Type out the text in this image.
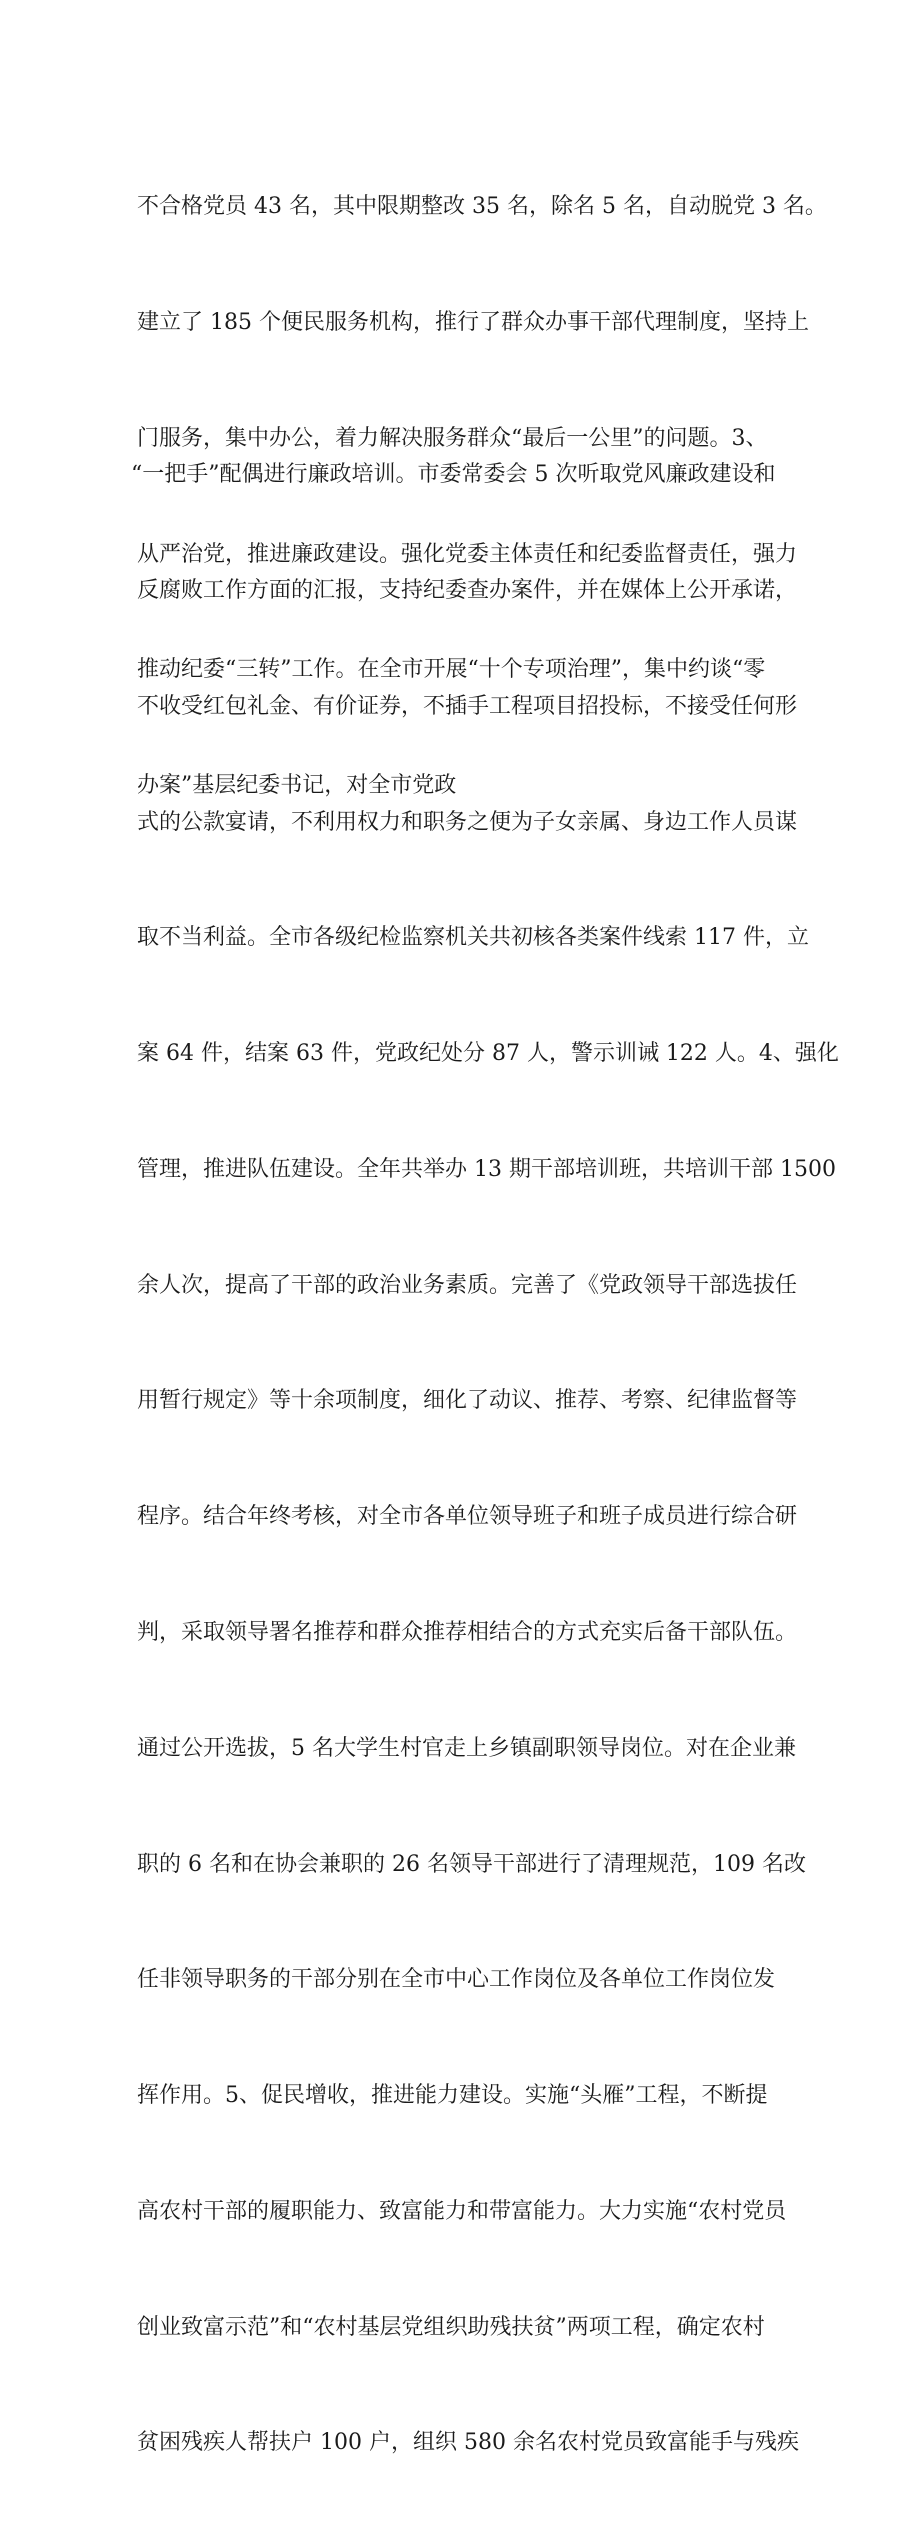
不合格党员 43 名，其中限期整改 35 名，除名 5 名，自动脱党 3 名。

建立了 185 个便民服务机构，推行了群众办事干部代理制度，坚持上

门服务，集中办公，着力解决服务群众“最后一公里”的问题。3、

从严治党，推进廉政建设。强化党委主体责任和纪委监督责任，强力

推动纪委“三转”工作。在全市开展“十个专项治理”，集中约谈“零

办案”基层纪委书记，对全市党政

“一把手”配偶进行廉政培训。市委常委会 5 次听取党风廉政建设和

反腐败工作方面的汇报，支持纪委查办案件，并在媒体上公开承诺，

不收受红包礼金、有价证券，不插手工程项目招投标，不接受任何形

式的公款宴请，不利用权力和职务之便为子女亲属、身边工作人员谋

取不当利益。全市各级纪检监察机关共初核各类案件线索 117 件，立

案 64 件，结案 63 件，党政纪处分 87 人，警示训诫 122 人。4、强化

管理，推进队伍建设。全年共举办 13 期干部培训班，共培训干部 1500

余人次，提高了干部的政治业务素质。完善了《党政领导干部选拔任

用暂行规定》等十余项制度，细化了动议、推荐、考察、纪律监督等

程序。结合年终考核，对全市各单位领导班子和班子成员进行综合研

判，采取领导署名推荐和群众推荐相结合的方式充实后备干部队伍。

通过公开选拔，5 名大学生村官走上乡镇副职领导岗位。对在企业兼

职的 6 名和在协会兼职的 26 名领导干部进行了清理规范，109 名改

任非领导职务的干部分别在全市中心工作岗位及各单位工作岗位发

挥作用。5、促民增收，推进能力建设。实施“头雁”工程，不断提

高农村干部的履职能力、致富能力和带富能力。大力实施“农村党员

创业致富示范”和“农村基层党组织助残扶贫”两项工程，确定农村

贫困残疾人帮扶户 100 户，组织 580 余名农村党员致富能手与残疾
